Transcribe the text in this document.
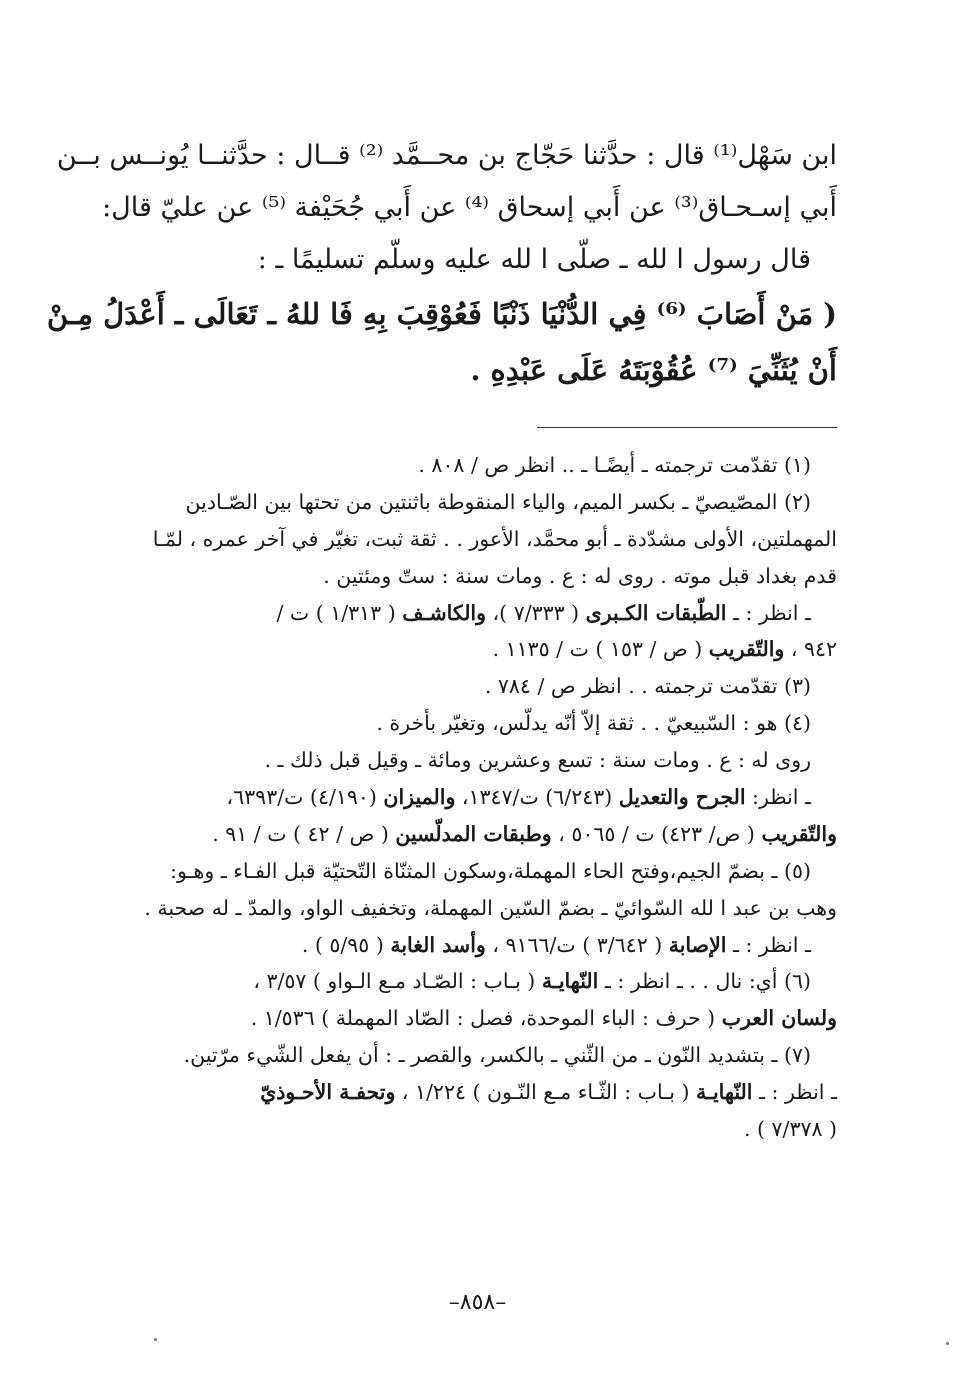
ابن سَهْل⁽¹⁾ قال : حدَّثنا حَجّاج بن محــمَّد ⁽²⁾ قــال : حدَّثنــا يُونــس بــن
أَبي إسـحـاق⁽³⁾ عن أَبي إسحاق ⁽⁴⁾ عن أَبي جُحَيْفة ⁽⁵⁾ عن عليّ قال:
قال رسول ا لله ـ صلّى ا لله عليه وسلّم تسليمًا ـ :
( مَنْ أَصَابَ ⁽⁶⁾ فِي الدُّنْيَا ذَنْبًا فَعُوْقِبَ بِهِ فَا للهُ ـ تَعَالَى ـ أَعْدَلُ مِـنْ
أَنْ يُثَنِّيَ ⁽⁷⁾ عُقُوْبَتَهُ عَلَى عَبْدِهِ .
(١) تقدّمت ترجمته ـ أيضًـا ـ .. انظر ص / ٨٠٨ .
(٢) المصّيصيّ ـ بكسر الميم، والياء المنقوطة باثنتين من تحتها بين الصّـادين
المهملتين، الأولى مشدّدة ـ أبو محمَّد، الأعور . . ثقة ثبت، تغيّر في آخر عمره ، لمّـا
قدم بغداد قبل موته . روى له : ع . ومات سنة : ستّ ومئتين .
ـ انظر : ـ الطّبقات الكـبرى ( ٧/٣٣٣ )، والكاشـف ( ١/٣١٣ ) ت /
٩٤٢ ، والتّقريب ( ص / ١٥٣ ) ت / ١١٣٥ .
(٣) تقدّمت ترجمته . . انظر ص / ٧٨٤ .
(٤) هو : السّبيعيّ . . ثقة إلاّ أنّه يدلّس، وتغيّر بأخرة .
روى له : ع . ومات سنة : تسع وعشرين ومائة ـ وقيل قبل ذلك ـ .
ـ انظر: الجرح والتعديل (٦/٢٤٣) ت/١٣٤٧، والميزان (٤/١٩٠) ت/٦٣٩٣،
والتّقريب ( ص/ ٤٢٣) ت / ٥٠٦٥ ، وطبقات المدلّسين ( ص / ٤٢ ) ت / ٩١ .
(٥) ـ بضمّ الجيم،وفتح الحاء المهملة،وسكون المثنّاة التّحتيّة قبل الفـاء ـ وهـو:
وهب بن عبد ا لله السّوائيّ ـ بضمّ السّين المهملة، وتخفيف الواو، والمدّ ـ له صحبة .
ـ انظر : ـ الإصابة ( ٣/٦٤٢ ) ت/٩١٦٦ ، وأسد الغابة ( ٥/٩٥ ) .
(٦) أي: نال . . ـ انظر : ـ النّهايـة ( بـاب : الصّـاد مـع الـواو ) ٣/٥٧ ،
ولسان العرب ( حرف : الباء الموحدة، فصل : الصّاد المهملة ) ١/٥٣٦ .
(٧) ـ بتشديد النّون ـ من الثّني ـ بالكسر، والقصر ـ : أن يفعل الشّيء مرّتين.
ـ انظر : ـ النّهايـة ( بـاب : الثّـاء مـع النّـون ) ١/٢٢٤ ، وتحفـة الأحـوذيّ
( ٧/٣٧٨ ) .
–٨٥٨–
